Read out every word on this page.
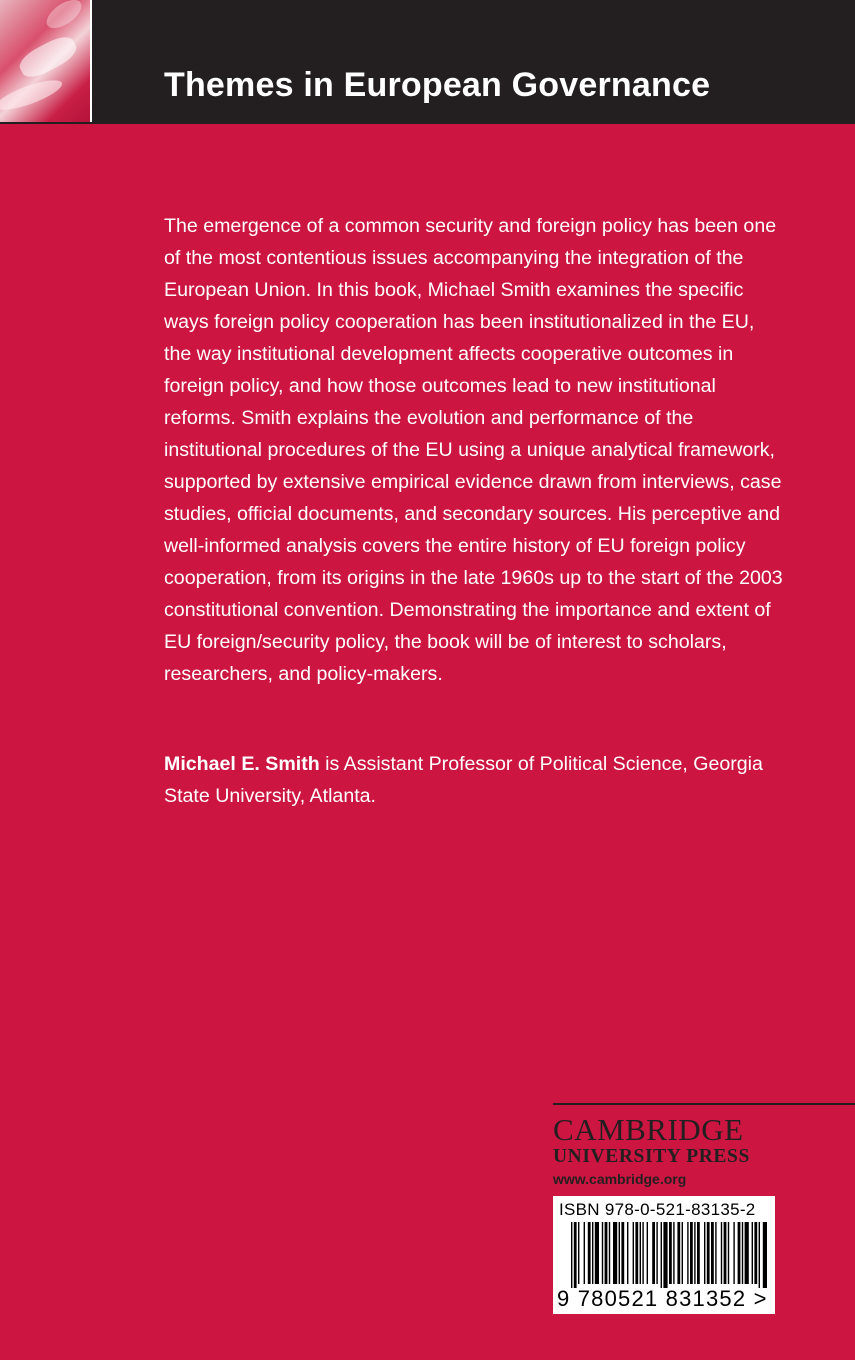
Themes in European Governance

The emergence of a common security and foreign policy has been one of the most contentious issues accompanying the integration of the European Union. In this book, Michael Smith examines the specific ways foreign policy cooperation has been institutionalized in the EU, the way institutional development affects cooperative outcomes in foreign policy, and how those outcomes lead to new institutional reforms. Smith explains the evolution and performance of the institutional procedures of the EU using a unique analytical framework, supported by extensive empirical evidence drawn from interviews, case studies, official documents, and secondary sources. His perceptive and well-informed analysis covers the entire history of EU foreign policy cooperation, from its origins in the late 1960s up to the start of the 2003 constitutional convention. Demonstrating the importance and extent of EU foreign/security policy, the book will be of interest to scholars, researchers, and policy-makers.

Michael E. Smith is Assistant Professor of Political Science, Georgia State University, Atlanta.

CAMBRIDGE
UNIVERSITY PRESS
www.cambridge.org
ISBN 978-0-521-83135-2
9 780521 831352 >
